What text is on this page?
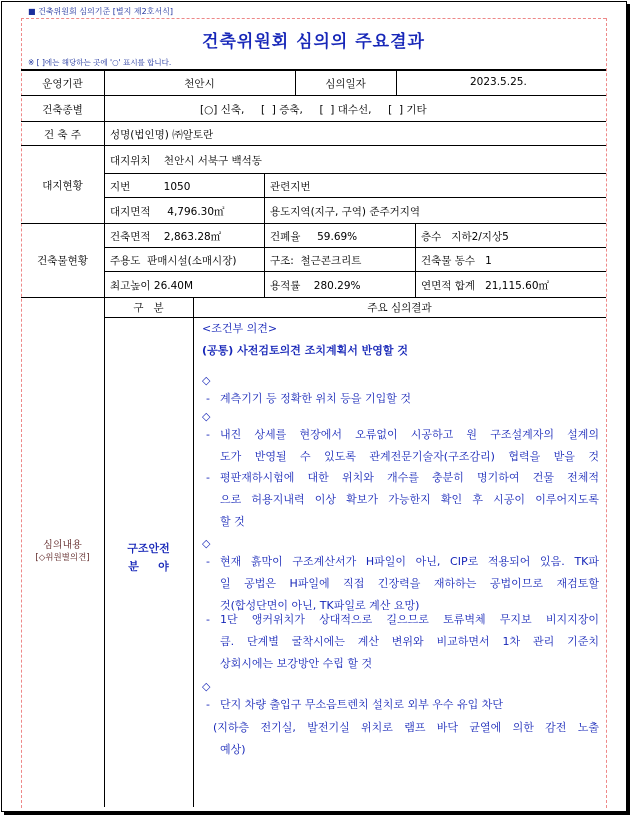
■ 건축위원회 심의기준 [별지 제2호서식]
건축위원회 심의의 주요결과
※ [ ]에는 해당하는 곳에 '○' 표시를 합니다.
운영기관	천안시	심의일자	2023.5.25.
건축종별	[○] 신축,     [  ] 증축,     [  ] 대수선,     [  ] 기타
건 축 주	성명(법인명) ㈜알토란
대지현황
대지위치    천안시 서북구 백석동
지번          1050	관련지번
대지면적     4,796.30㎡	용도지역(지구, 구역) 준주거지역
건축물현황
건축면적    2,863.28㎡	건폐율     59.69%	층수   지하2/지상5
주용도  판매시설(소매시장)	구조:  철근콘크리트	건축물 동수   1
최고높이 26.40M	용적률    280.29%	연면적 합계   21,115.60㎡
구   분	주요 심의결과
심의내용
[◇위원별의견]
구조안전
분     야
<조건부 의견>
(공통) 사전검토의견 조치계획서 반영할 것
◇
- 계측기기 등 정확한 위치 등을 기입할 것
◇
- 내진 상세를 현장에서 오류없이 시공하고 원 구조설계자의 설계의
도가 반영될 수 있도록 관계전문기술자(구조감리) 협력을 받을 것
- 평판재하시험에 대한 위치와 개수를 충분히 명기하여 건물 전체적
으로 허용지내력 이상 확보가 가능한지 확인 후 시공이 이루어지도록
할 것
◇
- 현재 흙막이 구조계산서가 H파일이 아닌, CIP로 적용되어 있음. TK파
일 공법은 H파일에 직접 긴장력을 재하하는 공법이므로 재검토할
것(합성단면이 아닌, TK파일로 계산 요망)
- 1단 앵커위치가 상대적으로 길으므로 토류벽체 무지보 비지지장이
큼. 단계별 굴착시에는 계산 변위와 비교하면서 1차 관리 기준치
상회시에는 보강방안 수립 할 것
◇
- 단지 차량 출입구 무소음트렌치 설치로 외부 우수 유입 차단
(지하층 전기실, 발전기실 위치로 램프 바닥 균열에 의한 감전 노출
예상)
